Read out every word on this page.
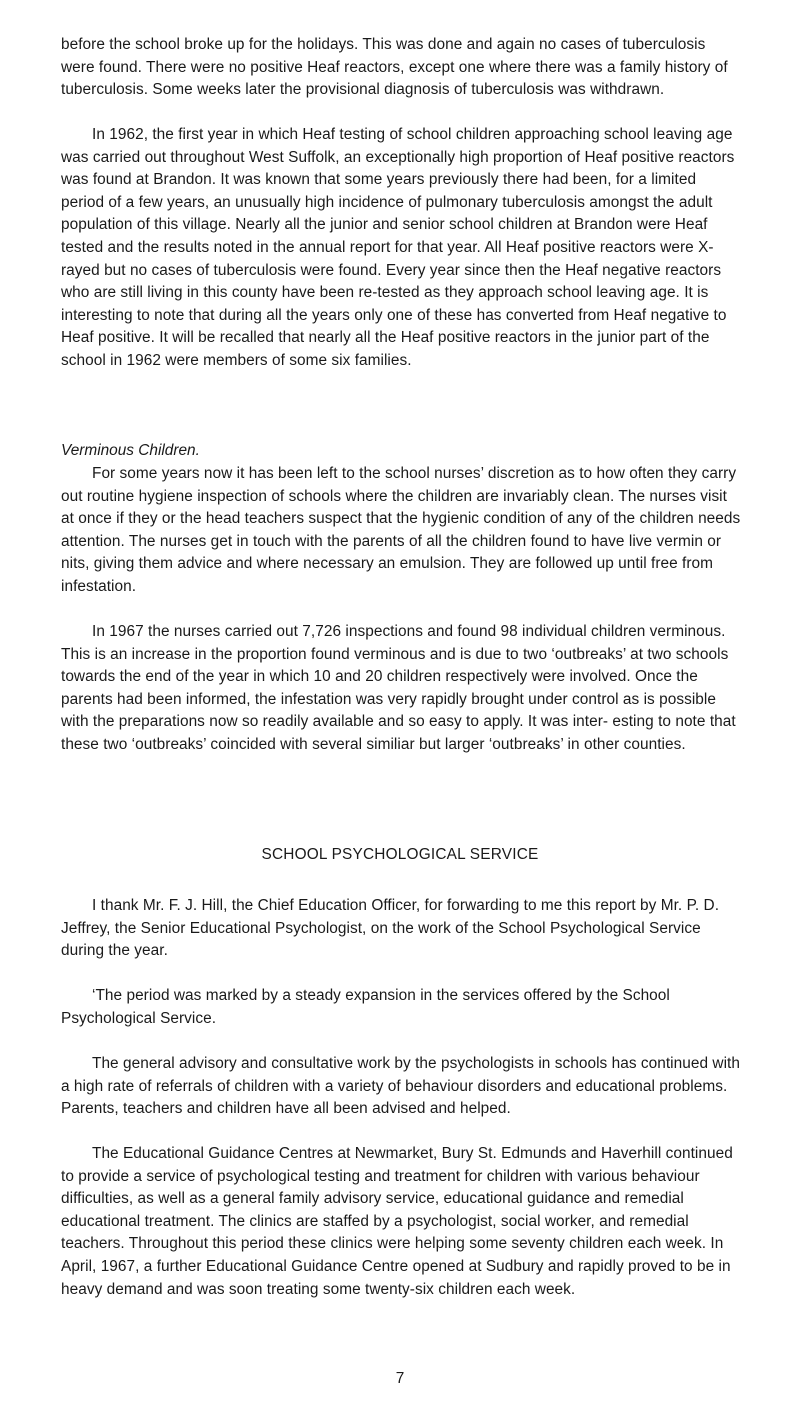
before the school broke up for the holidays. This was done and again no cases of tuberculosis were found. There were no positive Heaf reactors, except one where there was a family history of tuberculosis. Some weeks later the provisional diagnosis of tuberculosis was withdrawn.

In 1962, the first year in which Heaf testing of school children approaching school leaving age was carried out throughout West Suffolk, an exceptionally high proportion of Heaf positive reactors was found at Brandon. It was known that some years previously there had been, for a limited period of a few years, an unusually high incidence of pulmonary tuberculosis amongst the adult population of this village. Nearly all the junior and senior school children at Brandon were Heaf tested and the results noted in the annual report for that year. All Heaf positive reactors were X-rayed but no cases of tuberculosis were found. Every year since then the Heaf negative reactors who are still living in this county have been re-tested as they approach school leaving age. It is interesting to note that during all the years only one of these has converted from Heaf negative to Heaf positive. It will be recalled that nearly all the Heaf positive reactors in the junior part of the school in 1962 were members of some six families.

Verminous Children.

For some years now it has been left to the school nurses’ discretion as to how often they carry out routine hygiene inspection of schools where the children are invariably clean. The nurses visit at once if they or the head teachers suspect that the hygienic condition of any of the children needs attention. The nurses get in touch with the parents of all the children found to have live vermin or nits, giving them advice and where necessary an emulsion. They are followed up until free from infestation.

In 1967 the nurses carried out 7,726 inspections and found 98 individual children verminous. This is an increase in the proportion found verminous and is due to two ‘outbreaks’ at two schools towards the end of the year in which 10 and 20 children respectively were involved. Once the parents had been informed, the infestation was very rapidly brought under control as is possible with the preparations now so readily available and so easy to apply. It was inter- esting to note that these two ‘outbreaks’ coincided with several similiar but larger ‘outbreaks’ in other counties.

SCHOOL PSYCHOLOGICAL SERVICE

I thank Mr. F. J. Hill, the Chief Education Officer, for forwarding to me this report by Mr. P. D. Jeffrey, the Senior Educational Psychologist, on the work of the School Psychological Service during the year.

‘The period was marked by a steady expansion in the services offered by the School Psychological Service.

The general advisory and consultative work by the psychologists in schools has continued with a high rate of referrals of children with a variety of behaviour disorders and educational problems. Parents, teachers and children have all been advised and helped.

The Educational Guidance Centres at Newmarket, Bury St. Edmunds and Haverhill continued to provide a service of psychological testing and treatment for children with various behaviour difficulties, as well as a general family advisory service, educational guidance and remedial educational treatment. The clinics are staffed by a psychologist, social worker, and remedial teachers. Throughout this period these clinics were helping some seventy children each week. In April, 1967, a further Educational Guidance Centre opened at Sudbury and rapidly proved to be in heavy demand and was soon treating some twenty-six children each week.

7
